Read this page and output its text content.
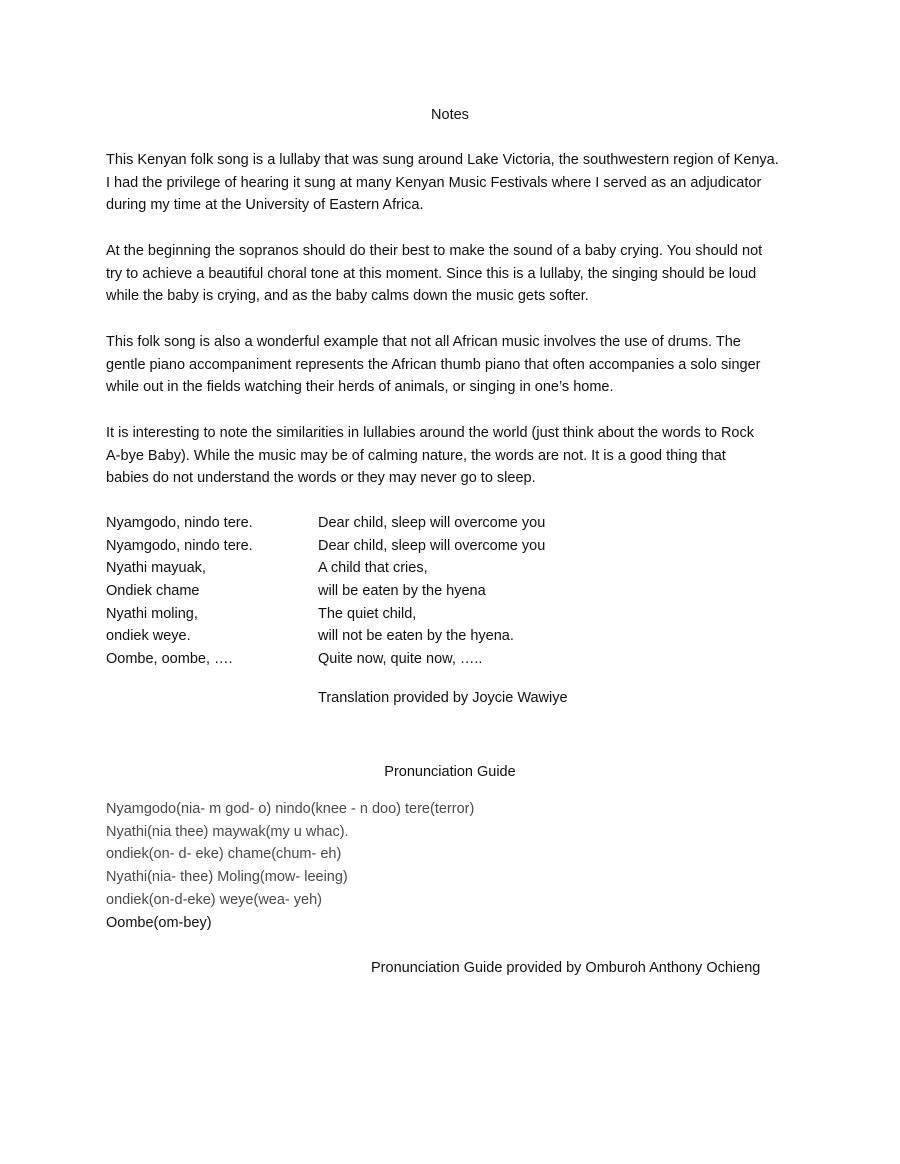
Notes
This Kenyan folk song is a lullaby that was sung around Lake Victoria, the southwestern region of Kenya.
I had the privilege of hearing it sung at many Kenyan Music Festivals where I served as an adjudicator
during my time at the University of Eastern Africa.
At the beginning the sopranos should do their best to make the sound of a baby crying. You should not
try to achieve a beautiful choral tone at this moment. Since this is a lullaby, the singing should be loud
while the baby is crying, and as the baby calms down the music gets softer.
This folk song is also a wonderful example that not all African music involves the use of drums. The
gentle piano accompaniment represents the African thumb piano that often accompanies a solo singer
while out in the fields watching their herds of animals, or singing in one’s home.
It is interesting to note the similarities in lullabies around the world (just think about the words to Rock
A-bye Baby). While the music may be of calming nature, the words are not. It is a good thing that
babies do not understand the words or they may never go to sleep.
Nyamgodo, nindo tere.	Dear child, sleep will overcome you
Nyamgodo, nindo tere.	Dear child, sleep will overcome you
Nyathi mayuak,	A child that cries,
Ondiek chame	will be eaten by the hyena
Nyathi moling,	The quiet child,
ondiek weye.	will not be eaten by the hyena.
Oombe, oombe, ….	Quite now, quite now, …..
Translation provided by Joycie Wawiye
Pronunciation Guide
Nyamgodo(nia- m god- o) nindo(knee - n doo) tere(terror)
Nyathi(nia thee) maywak(my u whac).
ondiek(on- d- eke) chame(chum- eh)
Nyathi(nia- thee) Moling(mow- leeing)
ondiek(on-d-eke) weye(wea- yeh)
Oombe(om-bey)
Pronunciation Guide provided by Omburoh Anthony Ochieng
